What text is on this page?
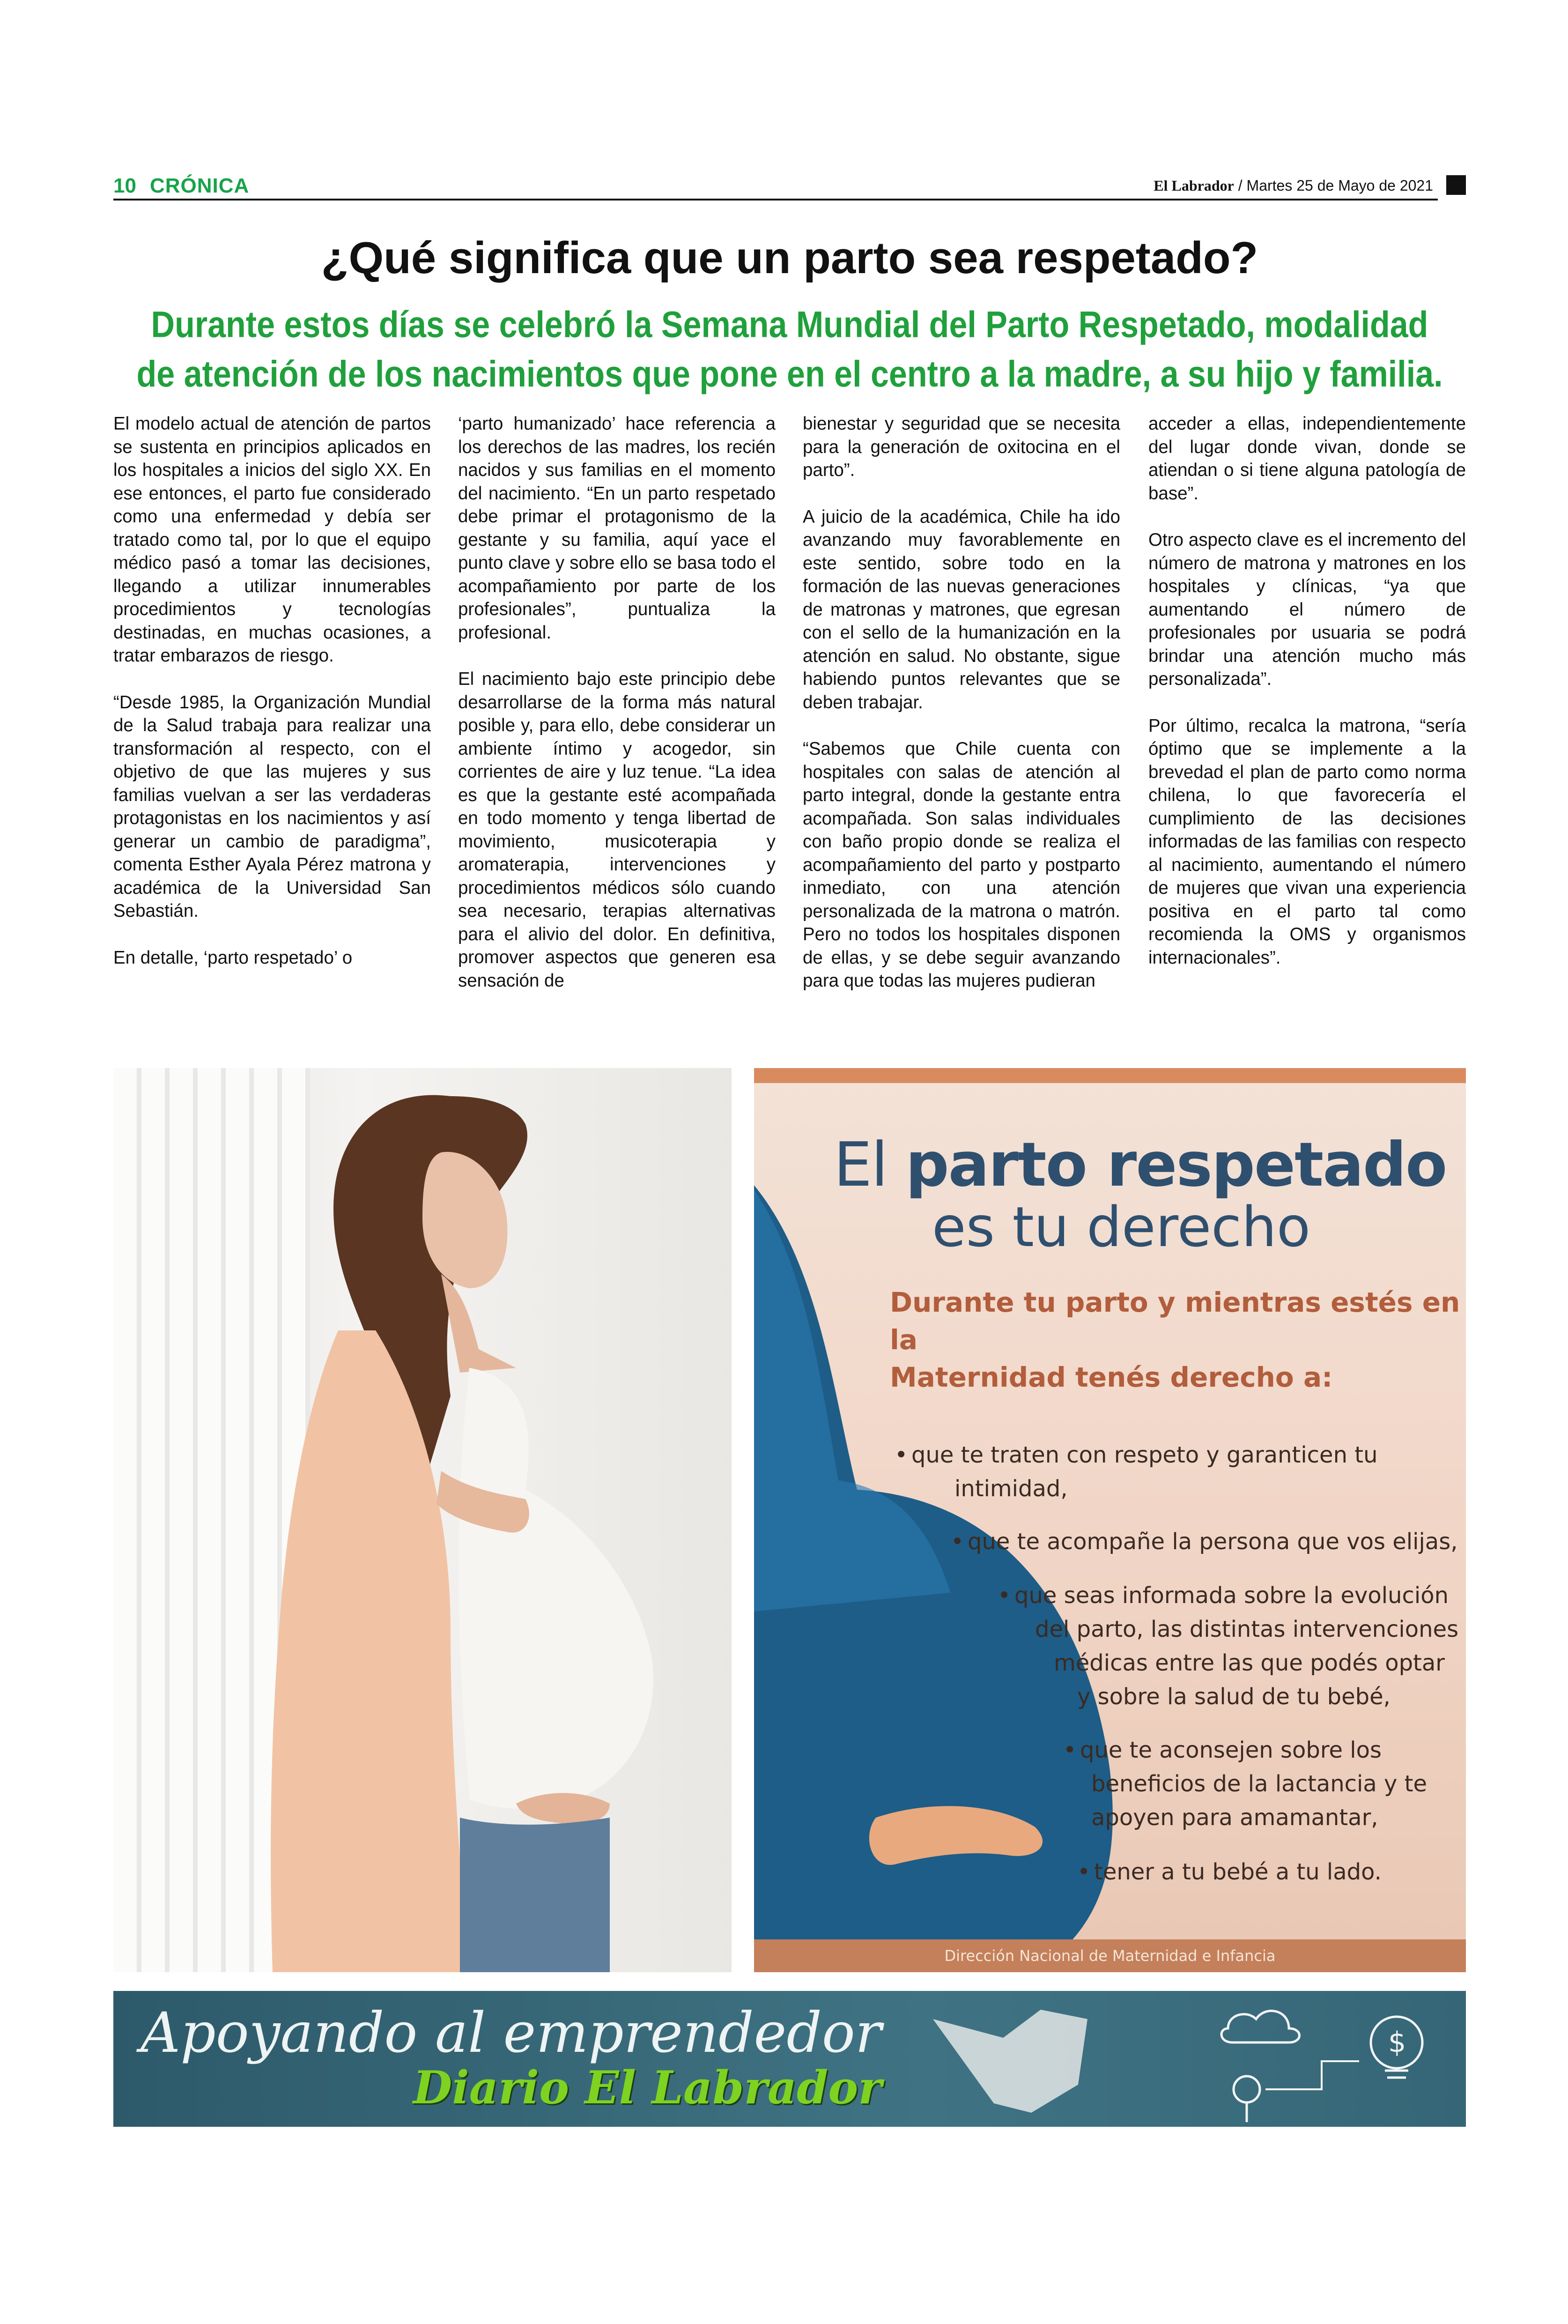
10 CRÓNICA	El Labrador / Martes 25 de Mayo de 2021
¿Qué significa que un parto sea respetado?
Durante estos días se celebró la Semana Mundial del Parto Respetado, modalidad
de atención de los nacimientos que pone en el centro a la madre, a su hijo y familia.

El modelo actual de atención de partos se sustenta en principios aplicados en los hospitales a inicios del siglo XX. En ese entonces, el parto fue considerado como una enfermedad y debía ser tratado como tal, por lo que el equipo médico pasó a tomar las decisiones, llegando a utilizar innumerables procedimientos y tecnologías destinadas, en muchas ocasiones, a tratar embarazos de riesgo.

“Desde 1985, la Organización Mundial de la Salud trabaja para realizar una transformación al respecto, con el objetivo de que las mujeres y sus familias vuelvan a ser las verdaderas protagonistas en los nacimientos y así generar un cambio de paradigma”, comenta Esther Ayala Pérez matrona y académica de la Universidad San Sebastián.

En detalle, ‘parto respetado’ o

‘parto humanizado’ hace referencia a los derechos de las madres, los recién nacidos y sus familias en el momento del nacimiento. “En un parto respetado debe primar el protagonismo de la gestante y su familia, aquí yace el punto clave y sobre ello se basa todo el acompañamiento por parte de los profesionales”, puntualiza la profesional.

El nacimiento bajo este principio debe desarrollarse de la forma más natural posible y, para ello, debe considerar un ambiente íntimo y acogedor, sin corrientes de aire y luz tenue. “La idea es que la gestante esté acompañada en todo momento y tenga libertad de movimiento, musicoterapia y aromaterapia, intervenciones y procedimientos médicos sólo cuando sea necesario, terapias alternativas para el alivio del dolor. En definitiva, promover aspectos que generen esa sensación de

bienestar y seguridad que se necesita para la generación de oxitocina en el parto”.

A juicio de la académica, Chile ha ido avanzando muy favorablemente en este sentido, sobre todo en la formación de las nuevas generaciones de matronas y matrones, que egresan con el sello de la humanización en la atención en salud. No obstante, sigue habiendo puntos relevantes que se deben trabajar.

“Sabemos que Chile cuenta con hospitales con salas de atención al parto integral, donde la gestante entra acompañada. Son salas individuales con baño propio donde se realiza el acompañamiento del parto y postparto inmediato, con una atención personalizada de la matrona o matrón. Pero no todos los hospitales disponen de ellas, y se debe seguir avanzando para que todas las mujeres pudieran

acceder a ellas, independientemente del lugar donde vivan, donde se atiendan o si tiene alguna patología de base”.

Otro aspecto clave es el incremento del número de matrona y matrones en los hospitales y clínicas, “ya que aumentando el número de profesionales por usuaria se podrá brindar una atención mucho más personalizada”.

Por último, recalca la matrona, “sería óptimo que se implemente a la brevedad el plan de parto como norma chilena, lo que favorecería el cumplimiento de las decisiones informadas de las familias con respecto al nacimiento, aumentando el número de mujeres que vivan una experiencia positiva en el parto tal como recomienda la OMS y organismos internacionales”.

El parto respetado
es tu derecho
Durante tu parto y mientras estés en la
Maternidad tenés derecho a:
• que te traten con respeto y garanticen tu
intimidad,
• que te acompañe la persona que vos elijas,
• que seas informada sobre la evolución
del parto, las distintas intervenciones
médicas entre las que podés optar
y sobre la salud de tu bebé,
• que te aconsejen sobre los
beneficios de la lactancia y te
apoyen para amamantar,
• tener a tu bebé a tu lado.
Dirección Nacional de Maternidad e Infancia
Apoyando al emprendedor
Diario El Labrador
$
